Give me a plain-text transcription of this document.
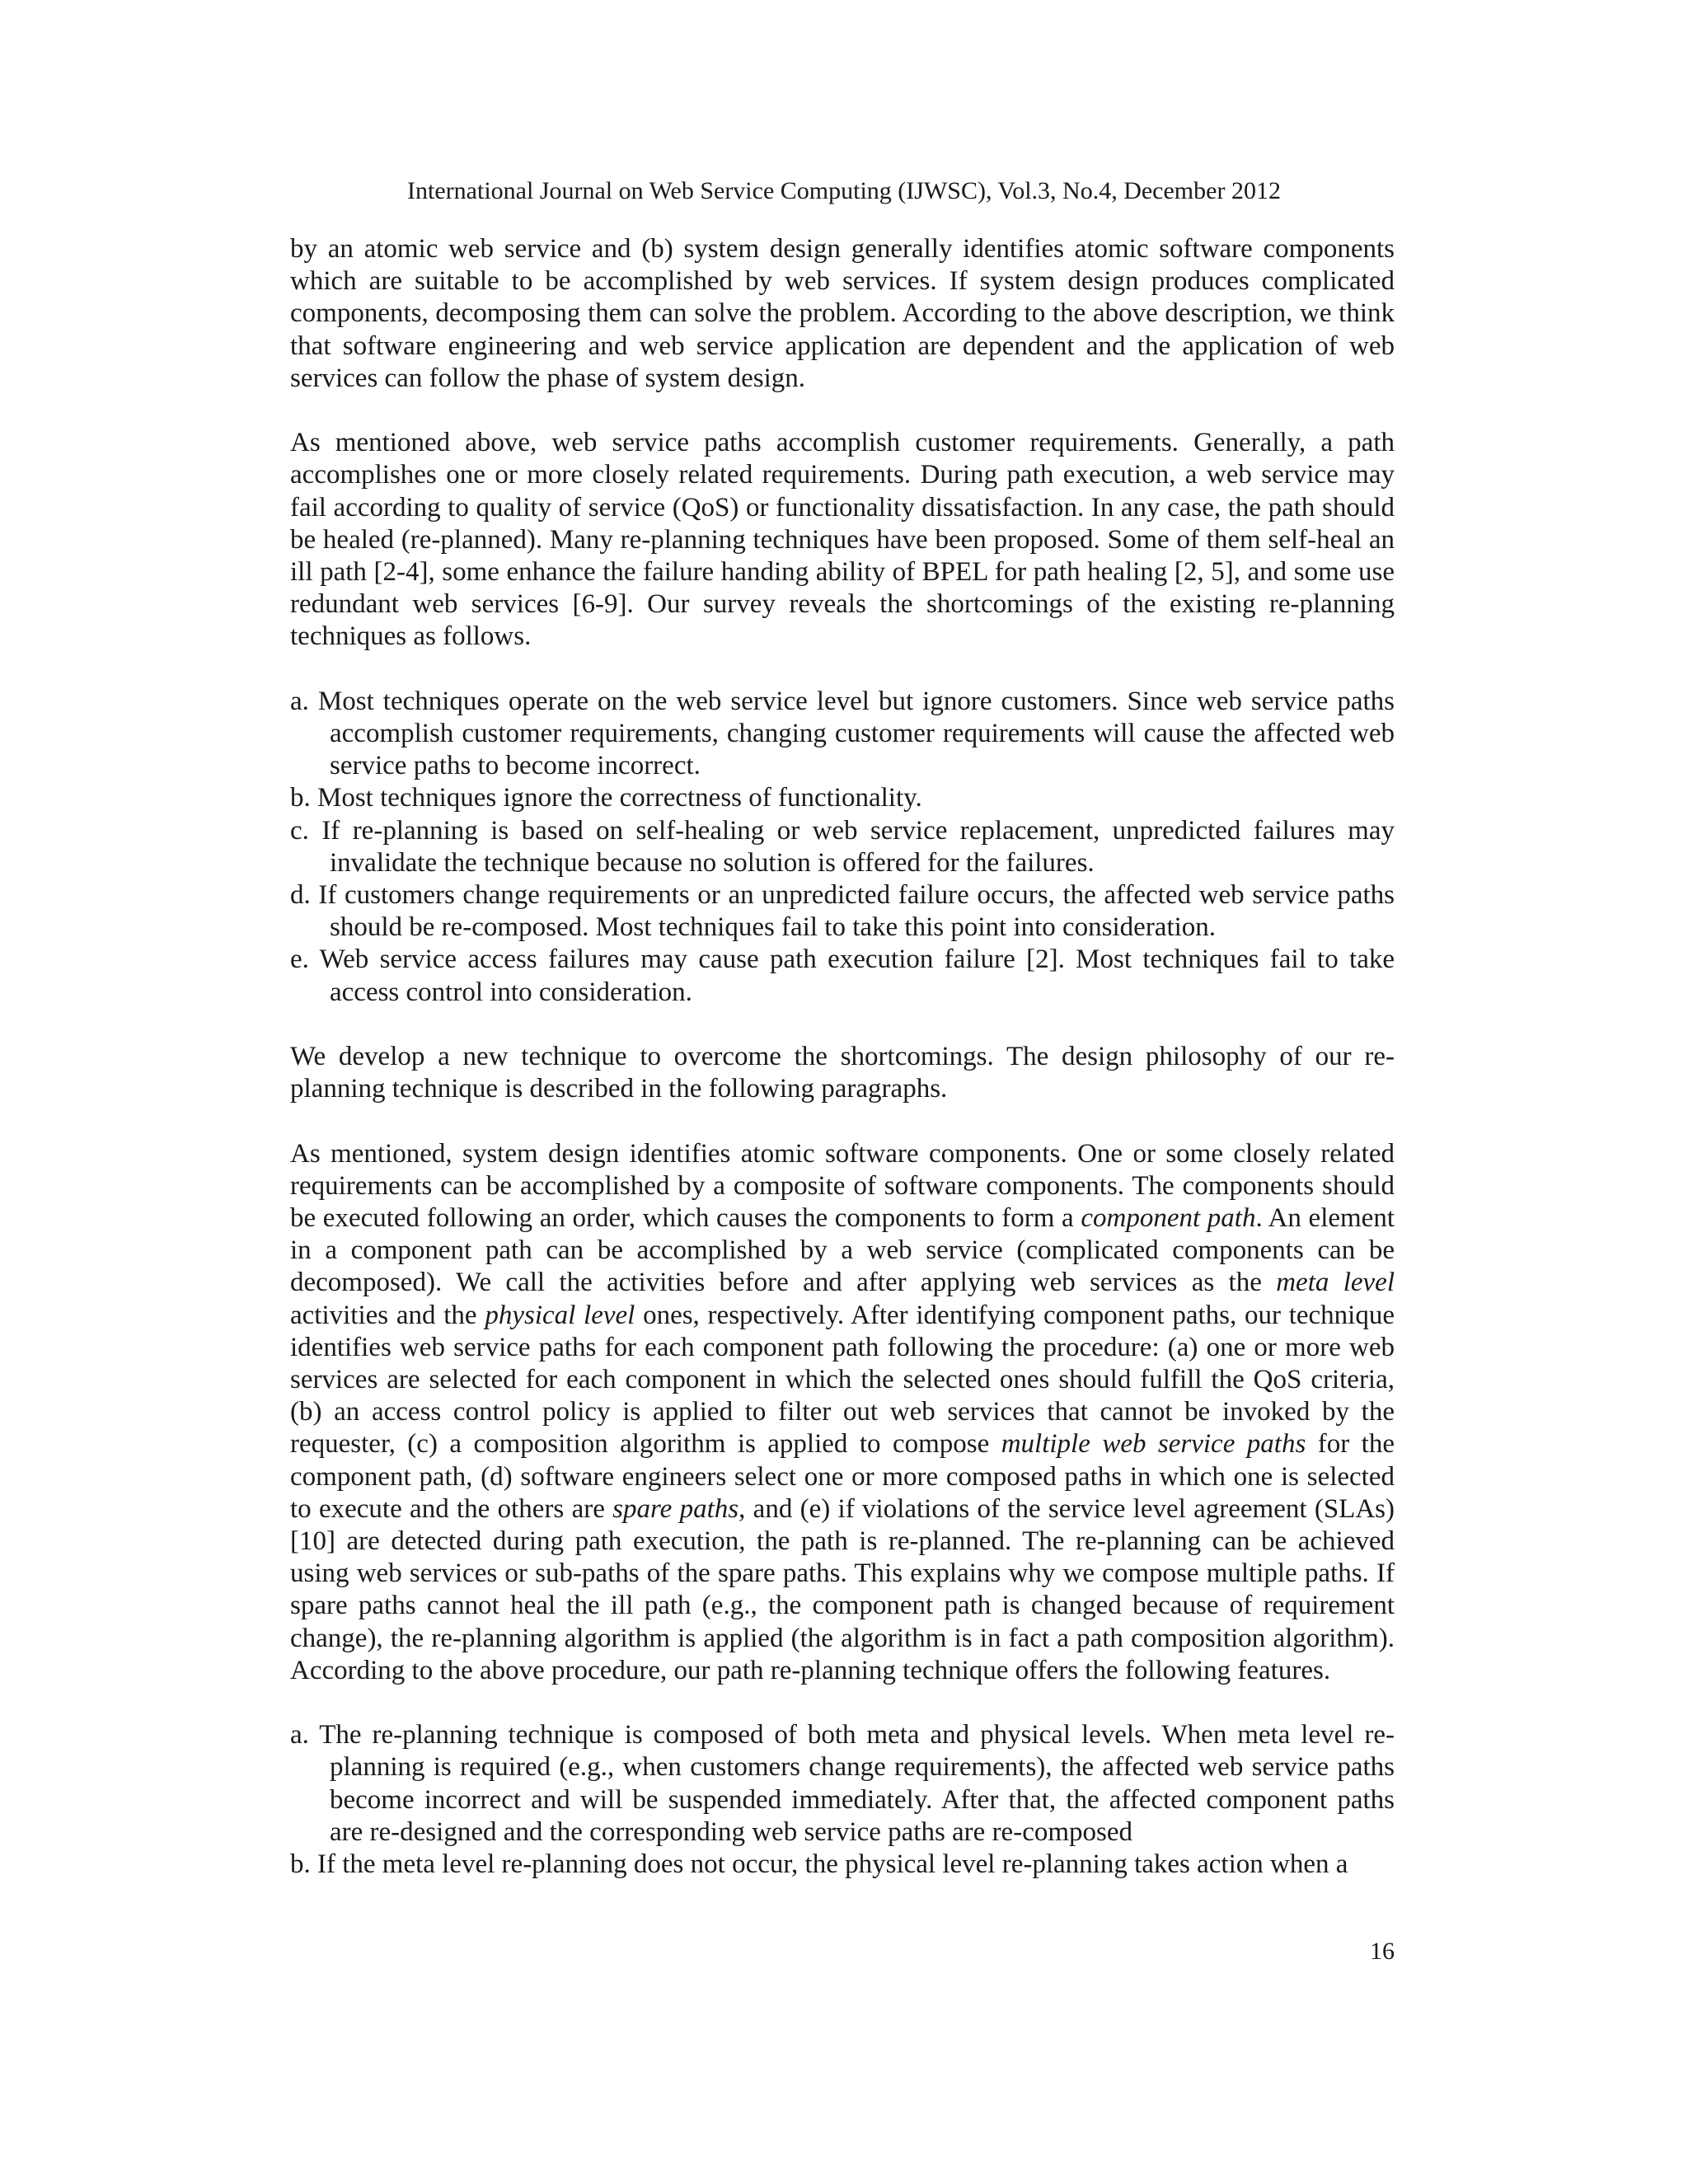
International Journal on Web Service Computing (IJWSC), Vol.3, No.4, December 2012

by an atomic web service and (b) system design generally identifies atomic software components which are suitable to be accomplished by web services. If system design produces complicated components, decomposing them can solve the problem. According to the above description, we think that software engineering and web service application are dependent and the application of web services can follow the phase of system design.

As mentioned above, web service paths accomplish customer requirements. Generally, a path accomplishes one or more closely related requirements. During path execution, a web service may fail according to quality of service (QoS) or functionality dissatisfaction. In any case, the path should be healed (re-planned). Many re-planning techniques have been proposed. Some of them self-heal an ill path [2-4], some enhance the failure handing ability of BPEL for path healing [2, 5], and some use redundant web services [6-9]. Our survey reveals the shortcomings of the existing re-planning techniques as follows.

a. Most techniques operate on the web service level but ignore customers. Since web service paths accomplish customer requirements, changing customer requirements will cause the affected web service paths to become incorrect.
b. Most techniques ignore the correctness of functionality.
c. If re-planning is based on self-healing or web service replacement, unpredicted failures may invalidate the technique because no solution is offered for the failures.
d. If customers change requirements or an unpredicted failure occurs, the affected web service paths should be re-composed. Most techniques fail to take this point into consideration.
e. Web service access failures may cause path execution failure [2]. Most techniques fail to take access control into consideration.

We develop a new technique to overcome the shortcomings. The design philosophy of our re-planning technique is described in the following paragraphs.

As mentioned, system design identifies atomic software components. One or some closely related requirements can be accomplished by a composite of software components. The components should be executed following an order, which causes the components to form a component path. An element in a component path can be accomplished by a web service (complicated components can be decomposed). We call the activities before and after applying web services as the meta level activities and the physical level ones, respectively. After identifying component paths, our technique identifies web service paths for each component path following the procedure: (a) one or more web services are selected for each component in which the selected ones should fulfill the QoS criteria, (b) an access control policy is applied to filter out web services that cannot be invoked by the requester, (c) a composition algorithm is applied to compose multiple web service paths for the component path, (d) software engineers select one or more composed paths in which one is selected to execute and the others are spare paths, and (e) if violations of the service level agreement (SLAs) [10] are detected during path execution, the path is re-planned. The re-planning can be achieved using web services or sub-paths of the spare paths. This explains why we compose multiple paths. If spare paths cannot heal the ill path (e.g., the component path is changed because of requirement change), the re-planning algorithm is applied (the algorithm is in fact a path composition algorithm). According to the above procedure, our path re-planning technique offers the following features.

a. The re-planning technique is composed of both meta and physical levels. When meta level re-planning is required (e.g., when customers change requirements), the affected web service paths become incorrect and will be suspended immediately. After that, the affected component paths are re-designed and the corresponding web service paths are re-composed
b. If the meta level re-planning does not occur, the physical level re-planning takes action when a
16
